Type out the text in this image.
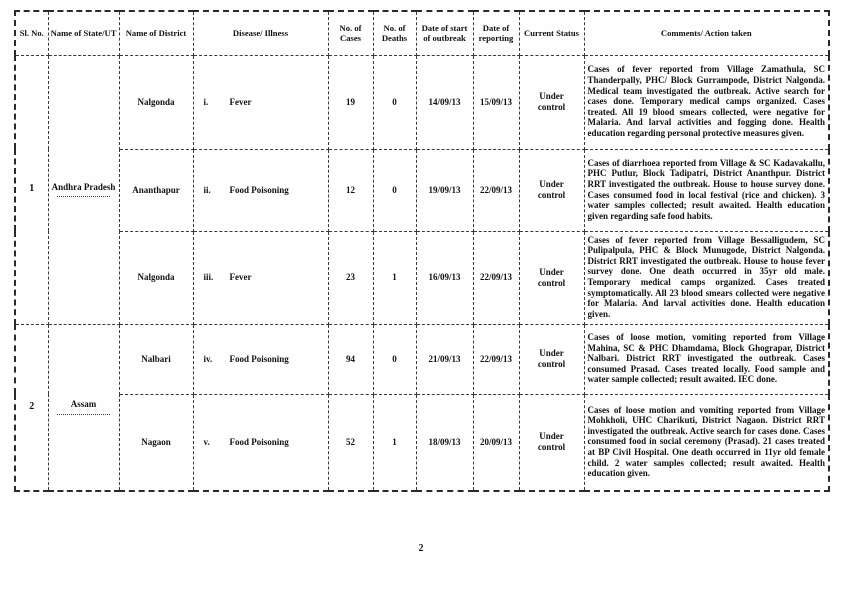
Sl. No.	Name of State/UT	Name of District	Disease/ Illness	No. of Cases	No. of Deaths	Date of start of outbreak	Date of reporting	Current Status	Comments/ Action taken
1	Andhra Pradesh	Nalgonda	i. Fever	19	0	14/09/13	15/09/13	Under control	Cases of fever reported from Village Zamathula, SC Thanderpally, PHC/ Block Gurrampode, District Nalgonda. Medical team investigated the outbreak. Active search for cases done. Temporary medical camps organized. Cases treated. All 19 blood smears collected, were negative for Malaria. And larval activities and fogging done. Health education regarding personal protective measures given.
		Ananthapur	ii. Food Poisoning	12	0	19/09/13	22/09/13	Under control	Cases of diarrhoea reported from Village & SC Kadavakallu, PHC Putlur, Block Tadipatri, District Ananthpur. District RRT investigated the outbreak. House to house survey done. Cases consumed food in local festival (rice and chicken). 3 water samples collected; result awaited. Health education given regarding safe food habits.
		Nalgonda	iii. Fever	23	1	16/09/13	22/09/13	Under control	Cases of fever reported from Village Bessalligudem, SC Pulipalpula, PHC & Block Munugode, District Nalgonda. District RRT investigated the outbreak. House to house fever survey done. One death occurred in 35yr old male. Temporary medical camps organized. Cases treated symptomatically. All 23 blood smears collected were negative for Malaria. And larval activities done. Health education given.
2	Assam	Nalbari	iv. Food Poisoning	94	0	21/09/13	22/09/13	Under control	Cases of loose motion, vomiting reported from Village Mahina, SC & PHC Dhamdama, Block Ghograpar, District Nalbari. District RRT investigated the outbreak. Cases consumed Prasad. Cases treated locally. Food sample and water sample collected; result awaited. IEC done.
		Nagaon	v. Food Poisoning	52	1	18/09/13	20/09/13	Under control	Cases of loose motion and vomiting reported from Village Mohkholi, UHC Charikuti, District Nagaon. District RRT investigated the outbreak. Active search for cases done. Cases consumed food in social ceremony (Prasad). 21 cases treated at BP Civil Hospital. One death occurred in 11yr old female child. 2 water samples collected; result awaited. Health education given.
2
